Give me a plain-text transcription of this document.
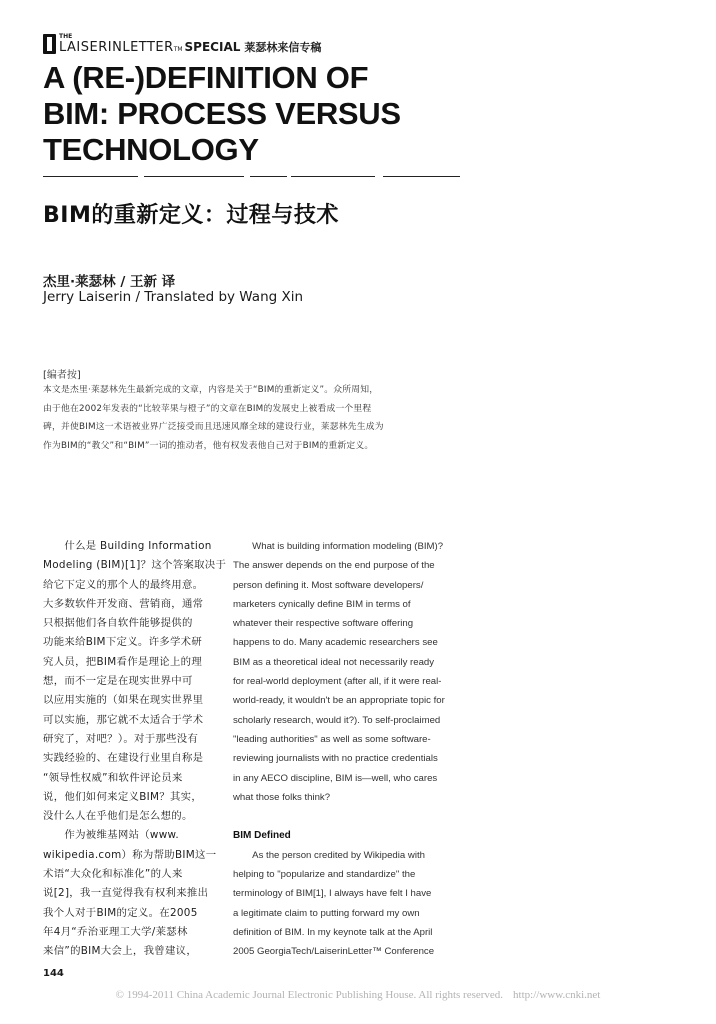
THE
LAISERINLETTER TM SPECIAL 莱瑟林来信专稿
A (RE-)DEFINITION OF
BIM: PROCESS VERSUS
TECHNOLOGY
BIM的重新定义：过程与技术
杰里·莱瑟林 / 王新 译
Jerry Laiserin / Translated by Wang Xin
[编者按]
本文是杰里·莱瑟林先生最新完成的文章，内容是关于“BIM的重新定义”。众所周知，
由于他在2002年发表的“比较苹果与橙子”的文章在BIM的发展史上被看成一个里程
碑，并使BIM这一术语被业界广泛接受而且迅速风靡全球的建设行业，莱瑟林先生成为
作为BIM的“教父”和“BIM”一词的推动者，他有权发表他自己对于BIM的重新定义。
　　什么是 Building Information
Modeling (BIM)[1]？这个答案取决于
给它下定义的那个人的最终用意。
大多数软件开发商、营销商，通常
只根据他们各自软件能够提供的
功能来给BIM下定义。许多学术研
究人员，把BIM看作是理论上的理
想，而不一定是在现实世界中可
以应用实施的（如果在现实世界里
可以实施，那它就不太适合于学术
研究了，对吧？）。对于那些没有
实践经验的、在建设行业里自称是
“领导性权威”和软件评论员来
说，他们如何来定义BIM？其实，
没什么人在乎他们是怎么想的。
　　作为被维基网站（www.
wikipedia.com）称为帮助BIM这一
术语“大众化和标准化”的人来
说[2]，我一直觉得我有权利来推出
我个人对于BIM的定义。在2005
年4月“乔治亚理工大学/莱瑟林
来信”的BIM大会上，我曾建议，
　　What is building information modeling (BIM)?
The answer depends on the end purpose of the
person defining it. Most software developers/
marketers cynically define BIM in terms of
whatever their respective software offering
happens to do. Many academic researchers see
BIM as a theoretical ideal not necessarily ready
for real-world deployment (after all, if it were real-
world-ready, it wouldn't be an appropriate topic for
scholarly research, would it?). To self-proclaimed
"leading authorities" as well as some software-
reviewing journalists with no practice credentials
in any AECO discipline, BIM is—well, who cares
what those folks think?

BIM Defined
　　As the person credited by Wikipedia with
helping to "popularize and standardize" the
terminology of BIM[1], I always have felt I have
a legitimate claim to putting forward my own
definition of BIM. In my keynote talk at the April
2005 GeorgiaTech/LaiserinLetter™ Conference
144
© 1994-2011 China Academic Journal Electronic Publishing House. All rights reserved. http://www.cnki.net
